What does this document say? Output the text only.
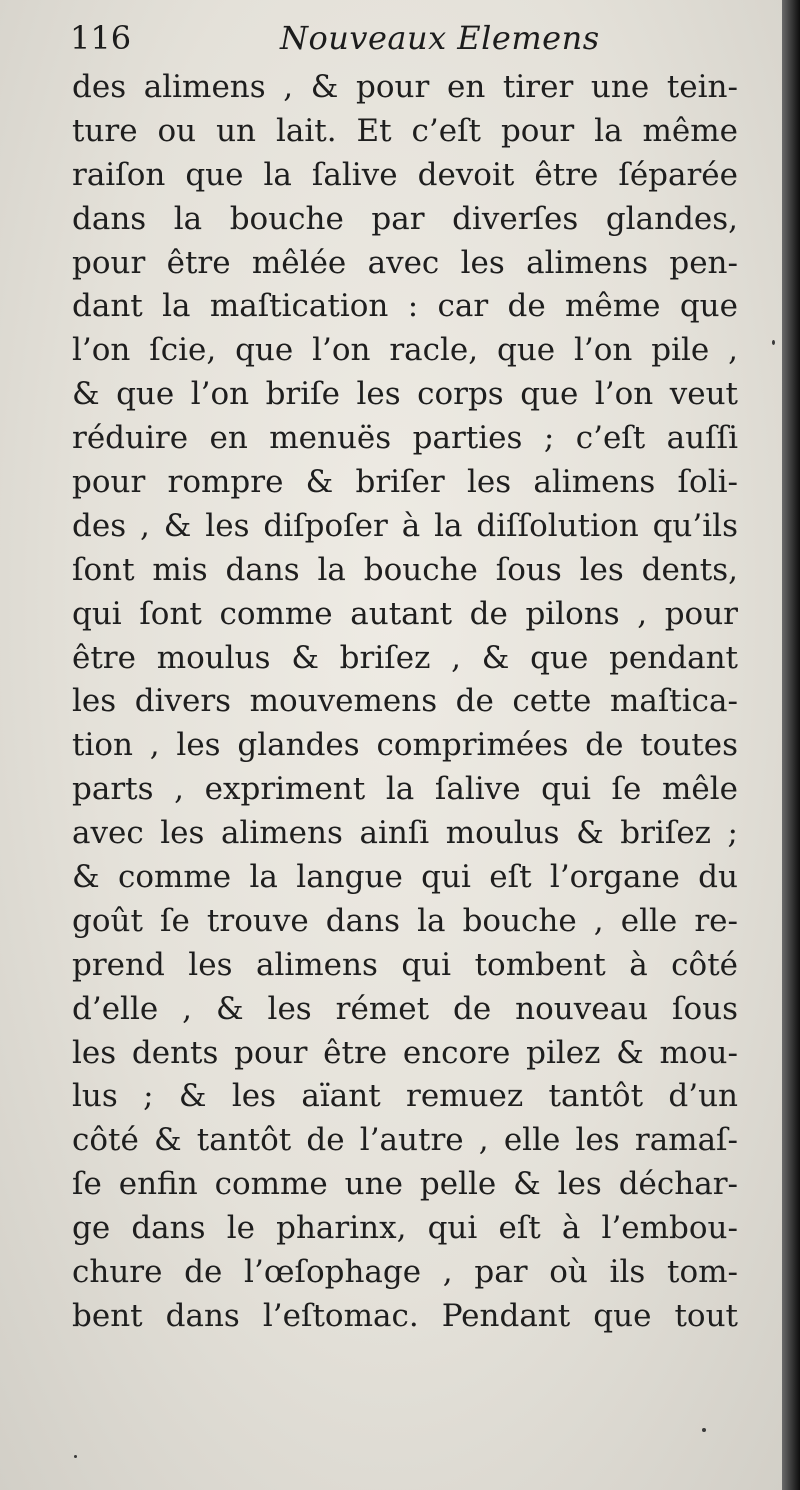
116	Nouveaux Elemens
des alimens , & pour en tirer une tein-
ture ou un lait. Et c’eſt pour la même
raiſon que la ſalive devoit être ſéparée
dans la bouche par diverſes glandes,
pour être mêlée avec les alimens pen-
dant la maſtication : car de même que
l’on ſcie, que l’on racle, que l’on pile ,
& que l’on briſe les corps que l’on veut
réduire en menuës parties ; c’eſt auſſi
pour rompre & briſer les alimens ſoli-
des , & les diſpoſer à la diſſolution qu’ils
ſont mis dans la bouche ſous les dents,
qui ſont comme autant de pilons , pour
être moulus & briſez , & que pendant
les divers mouvemens de cette maſtica-
tion , les glandes comprimées de toutes
parts , expriment la ſalive qui ſe mêle
avec les alimens ainſi moulus & briſez ;
& comme la langue qui eſt l’organe du
goût ſe trouve dans la bouche , elle re-
prend les alimens qui tombent à côté
d’elle , & les rémet de nouveau ſous
les dents pour être encore pilez & mou-
lus ; & les aïant remuez tantôt d’un
côté & tantôt de l’autre , elle les ramaſ-
ſe enfin comme une pelle & les déchar-
ge dans le pharinx, qui eſt à l’embou-
chure de l’œſophage , par où ils tom-
bent dans l’eſtomac. Pendant que tout
